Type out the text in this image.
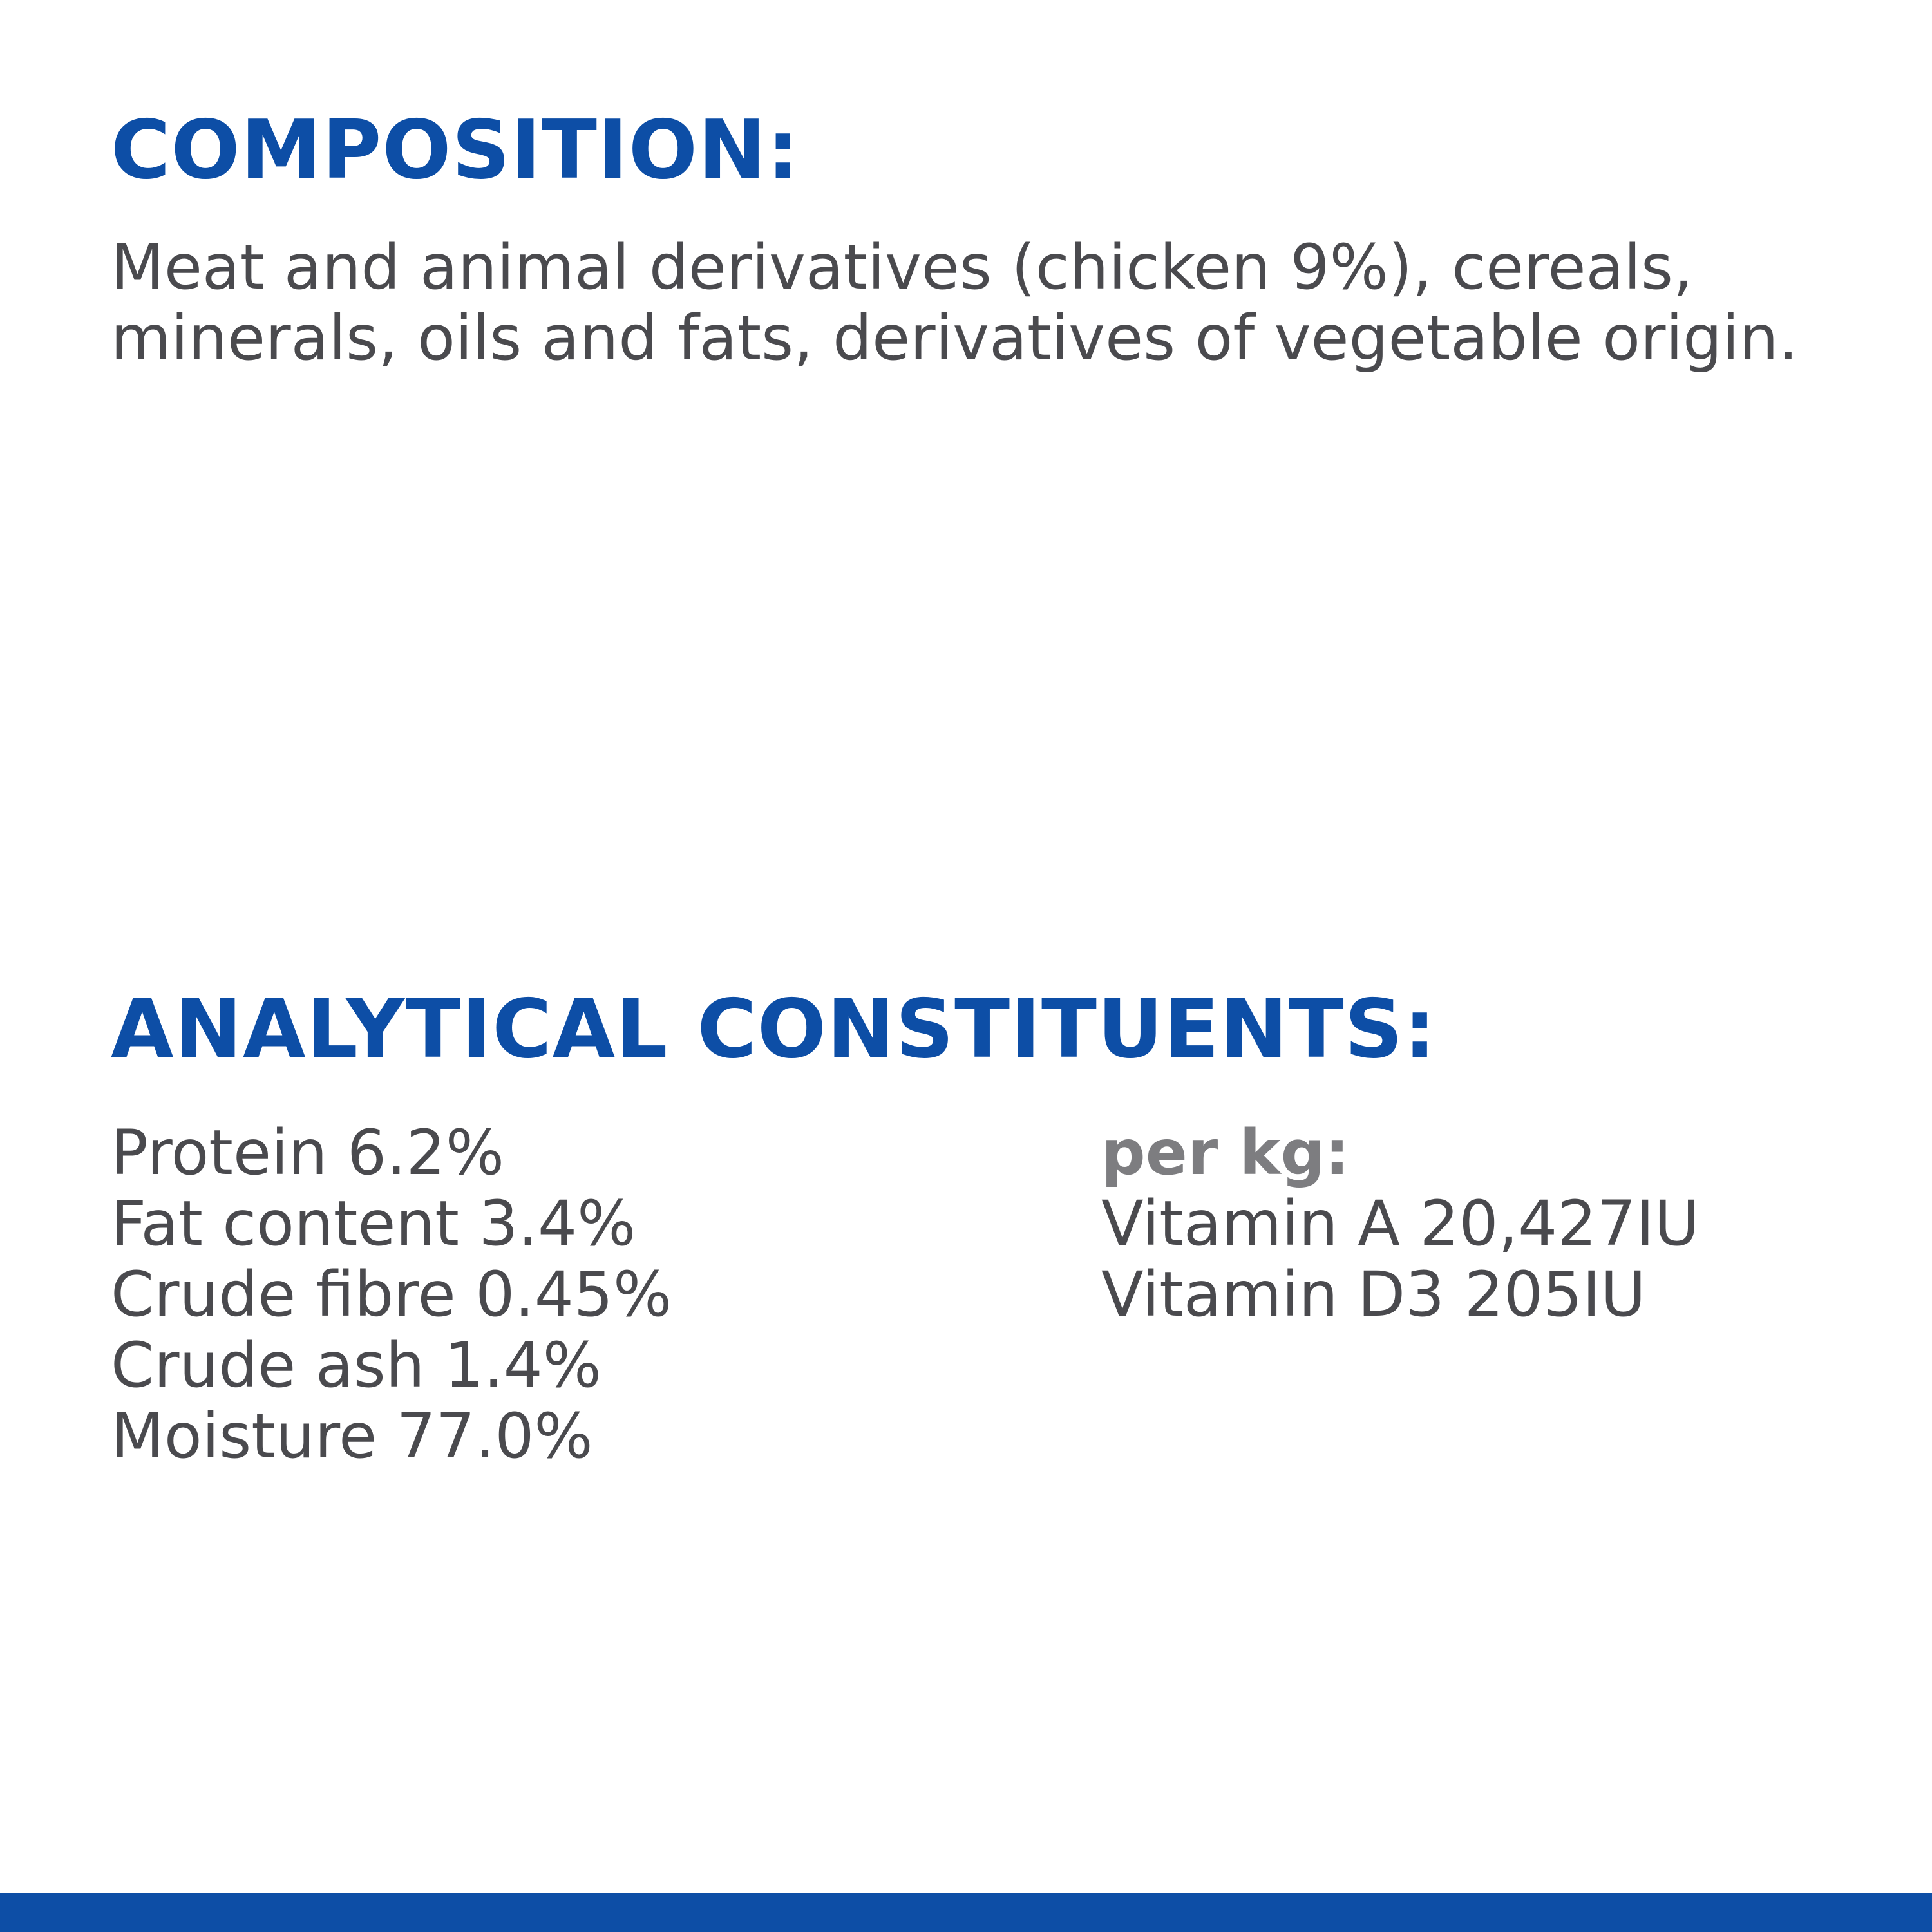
COMPOSITION:

Meat and animal derivatives (chicken 9%), cereals, minerals, oils and fats, derivatives of vegetable origin.

ANALYTICAL CONSTITUENTS:
Protein 6.2%
Fat content 3.4%
Crude fibre 0.45%
Crude ash 1.4%
Moisture 77.0%
per kg:
Vitamin A 20,427IU
Vitamin D3 205IU
